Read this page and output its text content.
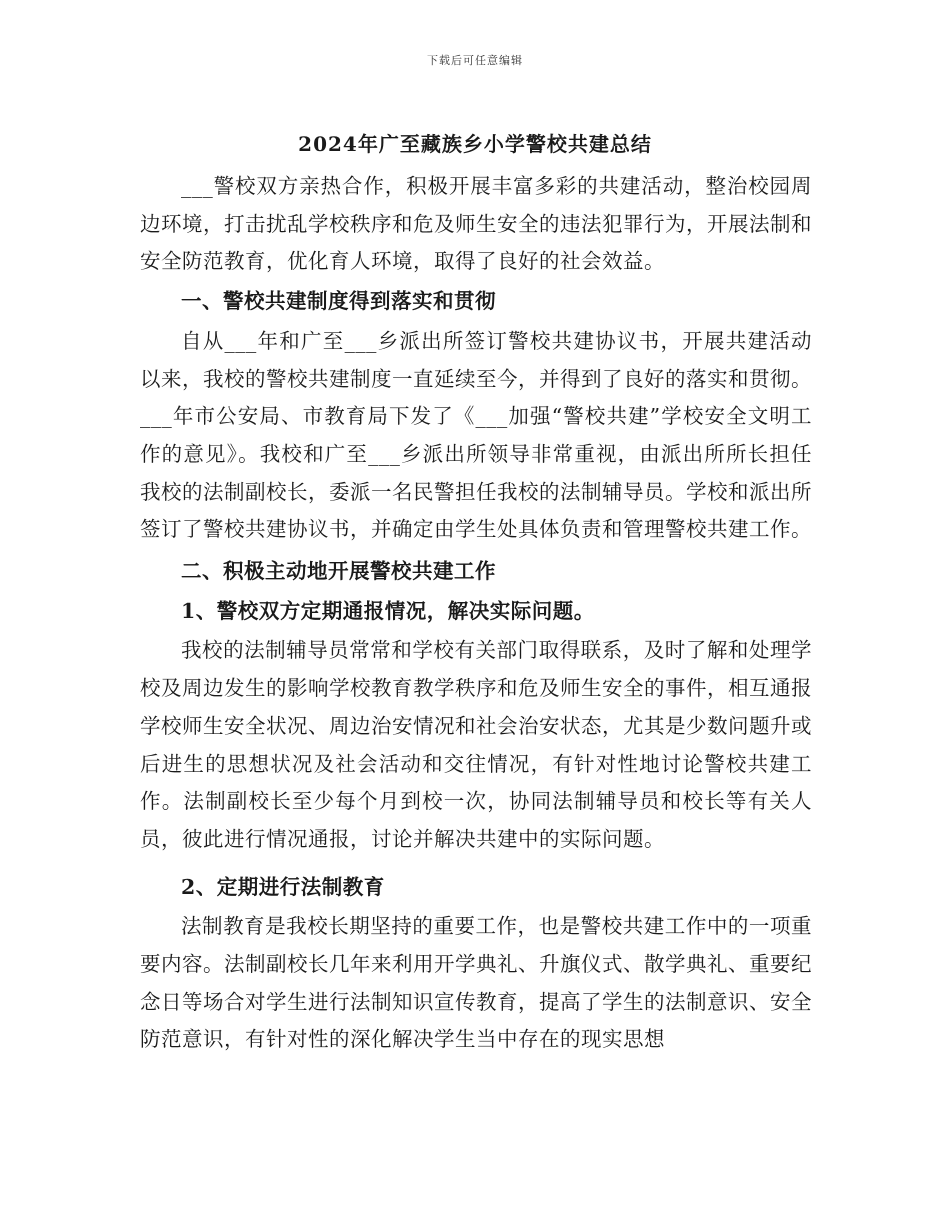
下载后可任意编辑
2024年广至藏族乡小学警校共建总结

___警校双方亲热合作，积极开展丰富多彩的共建活动，整治校园周边环境，打击扰乱学校秩序和危及师生安全的违法犯罪行为，开展法制和安全防范教育，优化育人环境，取得了良好的社会效益。

一、警校共建制度得到落实和贯彻

自从___年和广至___乡派出所签订警校共建协议书，开展共建活动以来，我校的警校共建制度一直延续至今，并得到了良好的落实和贯彻。___年市公安局、市教育局下发了《___加强“警校共建”学校安全文明工作的意见》。我校和广至___乡派出所领导非常重视，由派出所所长担任我校的法制副校长，委派一名民警担任我校的法制辅导员。学校和派出所签订了警校共建协议书，并确定由学生处具体负责和管理警校共建工作。

二、积极主动地开展警校共建工作

1、警校双方定期通报情况，解决实际问题。

我校的法制辅导员常常和学校有关部门取得联系，及时了解和处理学校及周边发生的影响学校教育教学秩序和危及师生安全的事件，相互通报学校师生安全状况、周边治安情况和社会治安状态，尤其是少数问题升或后进生的思想状况及社会活动和交往情况，有针对性地讨论警校共建工作。法制副校长至少每个月到校一次，协同法制辅导员和校长等有关人员，彼此进行情况通报，讨论并解决共建中的实际问题。

2、定期进行法制教育

法制教育是我校长期坚持的重要工作，也是警校共建工作中的一项重要内容。法制副校长几年来利用开学典礼、升旗仪式、散学典礼、重要纪念日等场合对学生进行法制知识宣传教育，提高了学生的法制意识、安全防范意识，有针对性的深化解决学生当中存在的现实思想
